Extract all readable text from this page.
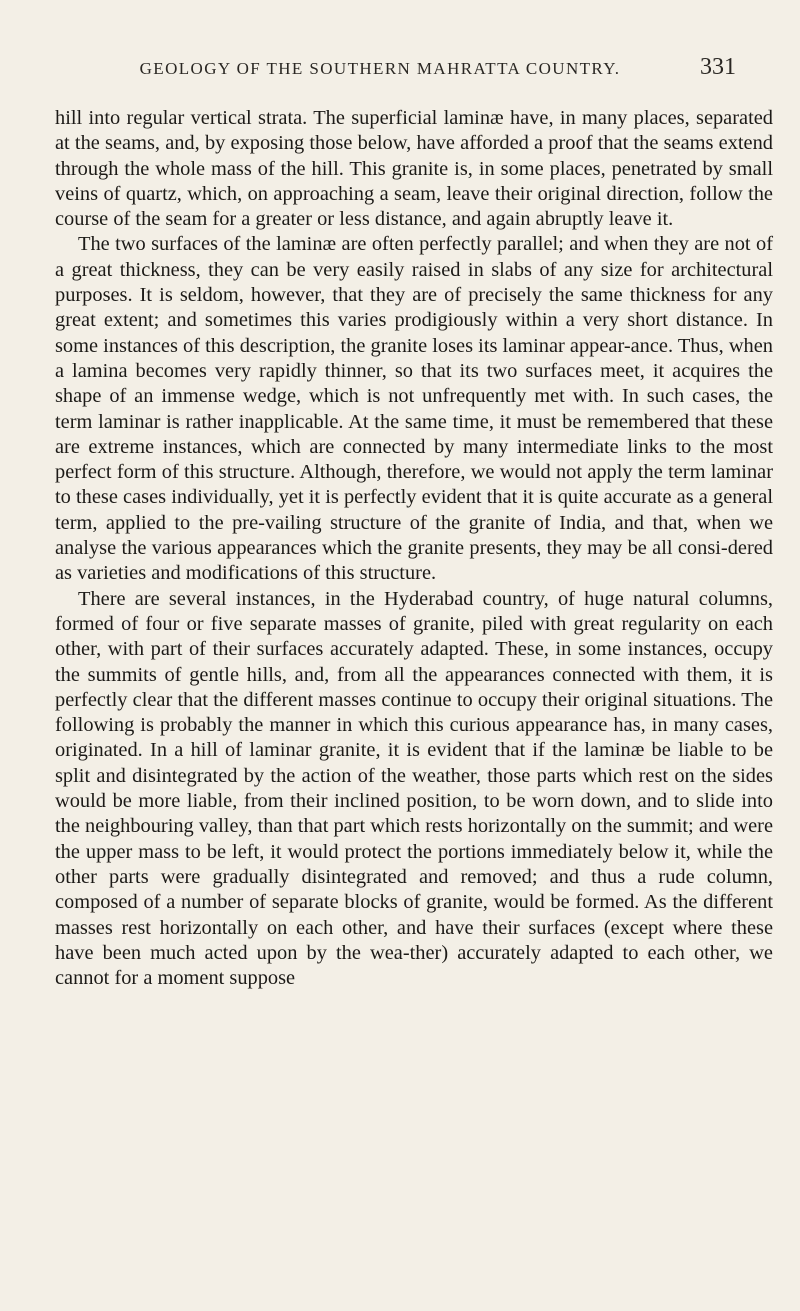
GEOLOGY OF THE SOUTHERN MAHRATTA COUNTRY.	331

hill into regular vertical strata. The superficial laminæ have, in many places, separated at the seams, and, by exposing those below, have afforded a proof that the seams extend through the whole mass of the hill. This granite is, in some places, penetrated by small veins of quartz, which, on approaching a seam, leave their original direction, follow the course of the seam for a greater or less distance, and again abruptly leave it.

The two surfaces of the laminæ are often perfectly parallel; and when they are not of a great thickness, they can be very easily raised in slabs of any size for architectural purposes. It is seldom, however, that they are of precisely the same thickness for any great extent; and sometimes this varies prodigiously within a very short distance. In some instances of this description, the granite loses its laminar appear-ance. Thus, when a lamina becomes very rapidly thinner, so that its two surfaces meet, it acquires the shape of an immense wedge, which is not unfrequently met with. In such cases, the term laminar is rather inapplicable. At the same time, it must be remembered that these are extreme instances, which are connected by many intermediate links to the most perfect form of this structure. Although, therefore, we would not apply the term laminar to these cases individually, yet it is perfectly evident that it is quite accurate as a general term, applied to the pre-vailing structure of the granite of India, and that, when we analyse the various appearances which the granite presents, they may be all consi-dered as varieties and modifications of this structure.

There are several instances, in the Hyderabad country, of huge natural columns, formed of four or five separate masses of granite, piled with great regularity on each other, with part of their surfaces accurately adapted. These, in some instances, occupy the summits of gentle hills, and, from all the appearances connected with them, it is perfectly clear that the different masses continue to occupy their original situations. The following is probably the manner in which this curious appearance has, in many cases, originated. In a hill of laminar granite, it is evident that if the laminæ be liable to be split and disintegrated by the action of the weather, those parts which rest on the sides would be more liable, from their inclined position, to be worn down, and to slide into the neighbouring valley, than that part which rests horizontally on the summit; and were the upper mass to be left, it would protect the portions immediately below it, while the other parts were gradually disintegrated and removed; and thus a rude column, composed of a number of separate blocks of granite, would be formed. As the different masses rest horizontally on each other, and have their surfaces (except where these have been much acted upon by the wea-ther) accurately adapted to each other, we cannot for a moment suppose
